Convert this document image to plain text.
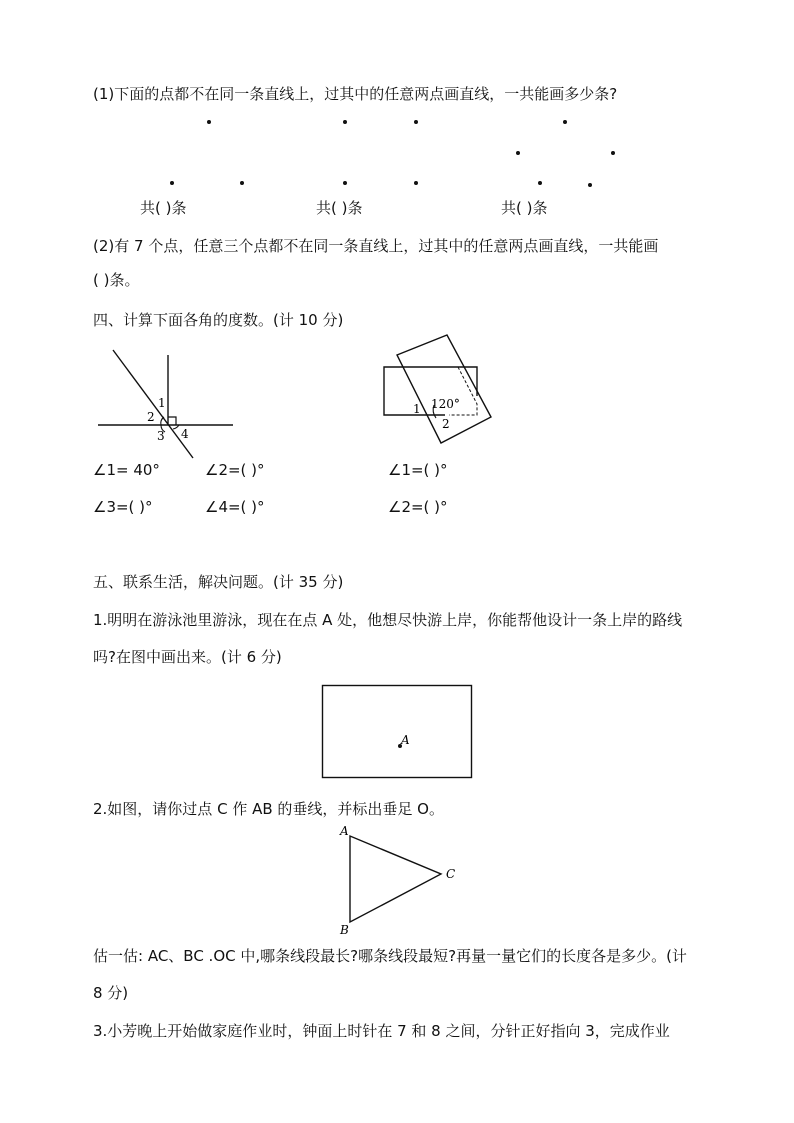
(1)下面的点都不在同一条直线上，过其中的任意两点画直线，一共能画多少条?
共( )条	共( )条	共( )条
(2)有 7 个点，任意三个点都不在同一条直线上，过其中的任意两点画直线，一共能画
( )条。
四、计算下面各角的度数。(计 10 分)
1
2
3 4
1 120°
2
∠1= 40°	∠2=( )°
∠3=( )°	∠4=( )°
∠1=( )°
∠2=( )°
五、联系生活，解决问题。(计 35 分)
1.明明在游泳池里游泳，现在在点 A 处，他想尽快游上岸，你能帮他设计一条上岸的路线
吗?在图中画出来。(计 6 分)
A
2.如图，请你过点 C 作 AB 的垂线，并标出垂足 O。
A
B
C
估一估: AC、BC .OC 中,哪条线段最长?哪条线段最短?再量一量它们的长度各是多少。(计
8 分)
3.小芳晚上开始做家庭作业时，钟面上时针在 7 和 8 之间，分针正好指向 3，完成作业
